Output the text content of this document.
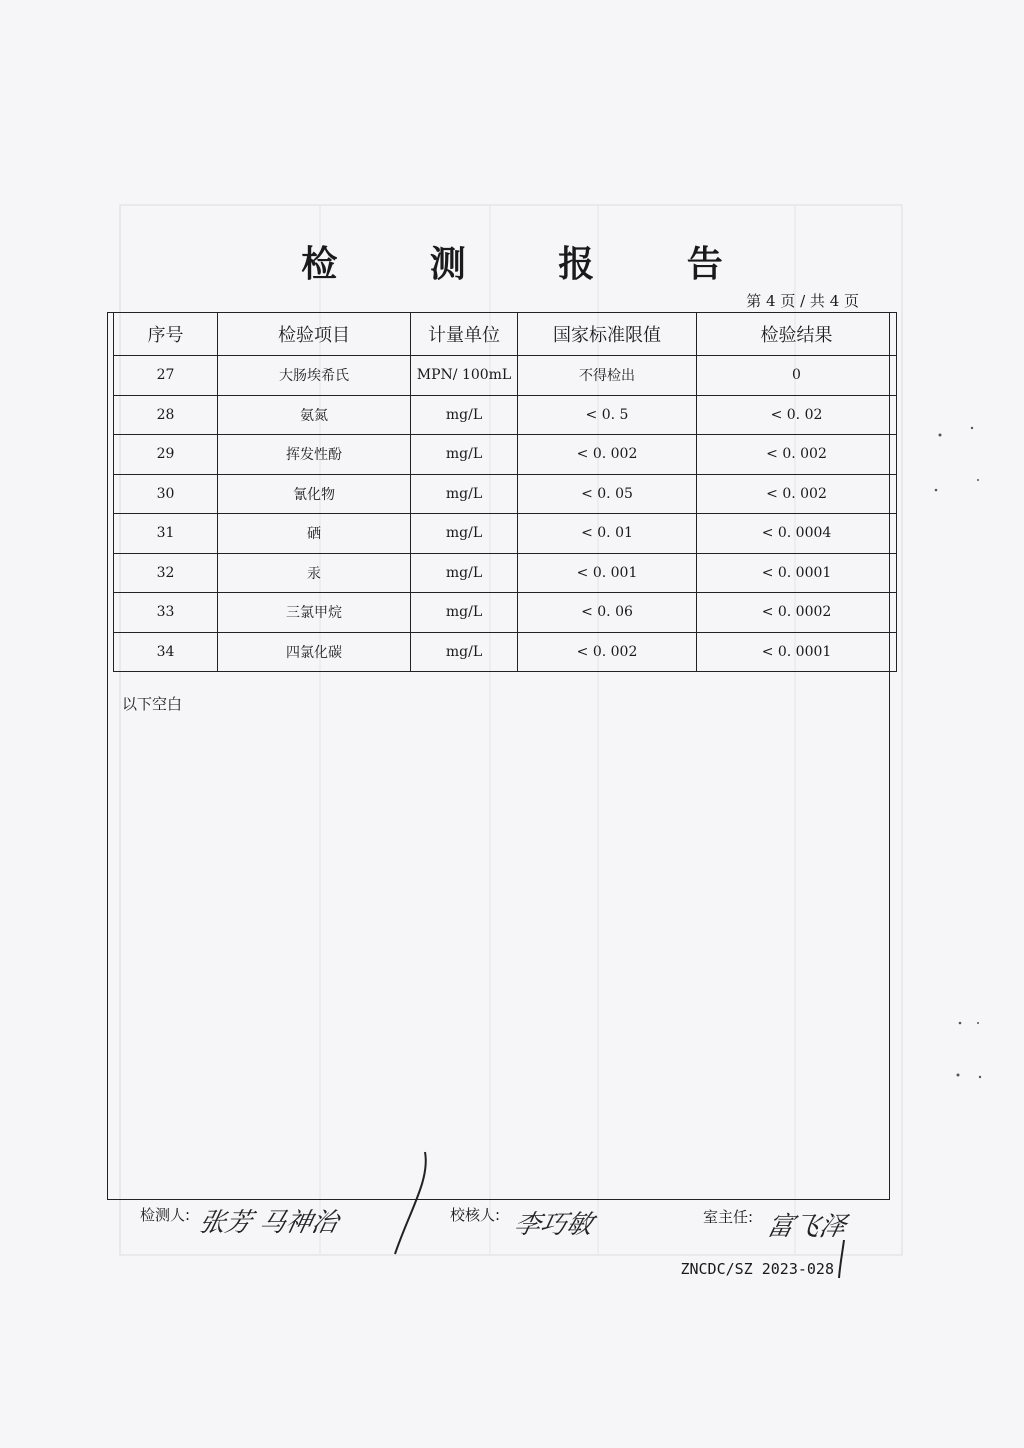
检 测 报 告
第 4 页 / 共 4 页
序号	检验项目	计量单位	国家标准限值	检验结果
27	大肠埃希氏	MPN/ 100mL	不得检出	0
28	氨氮	mg/L	< 0. 5	< 0. 02
29	挥发性酚	mg/L	< 0. 002	< 0. 002
30	氰化物	mg/L	< 0. 05	< 0. 002
31	硒	mg/L	< 0. 01	< 0. 0004
32	汞	mg/L	< 0. 001	< 0. 0001
33	三氯甲烷	mg/L	< 0. 06	< 0. 0002
34	四氯化碳	mg/L	< 0. 002	< 0. 0001
以下空白
检测人: 张芳 马神治	校核人: 李巧敏	室主任: 富飞泽
ZNCDC/SZ 2023-028
